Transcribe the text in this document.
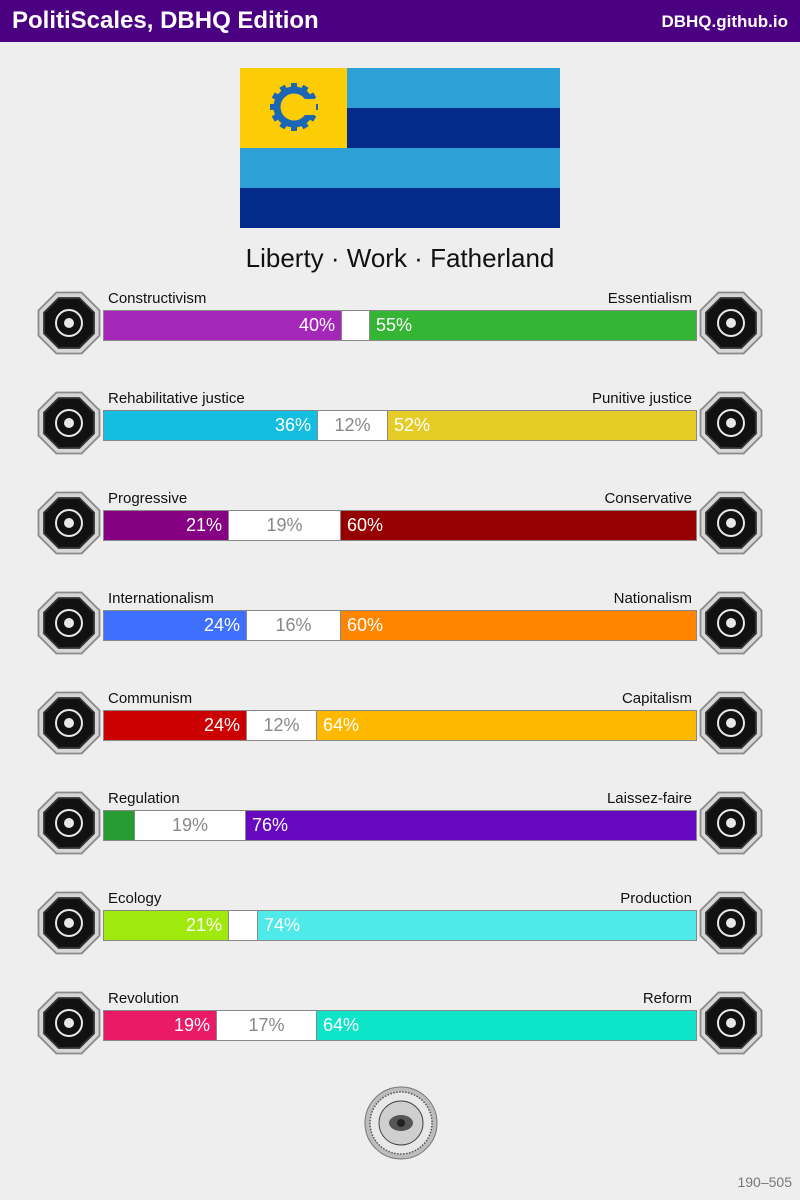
PolitiScales, DBHQ Edition	DBHQ.github.io
Liberty · Work · Fatherland
Constructivism	Essentialism
40%	55%
Rehabilitative justice	Punitive justice
36%	12%	52%
Progressive	Conservative
21%	19%	60%
Internationalism	Nationalism
24%	16%	60%
Communism	Capitalism
24%	12%	64%
Regulation	Laissez-faire
19%	76%
Ecology	Production
21%	74%
Revolution	Reform
19%	17%	64%
190–505
